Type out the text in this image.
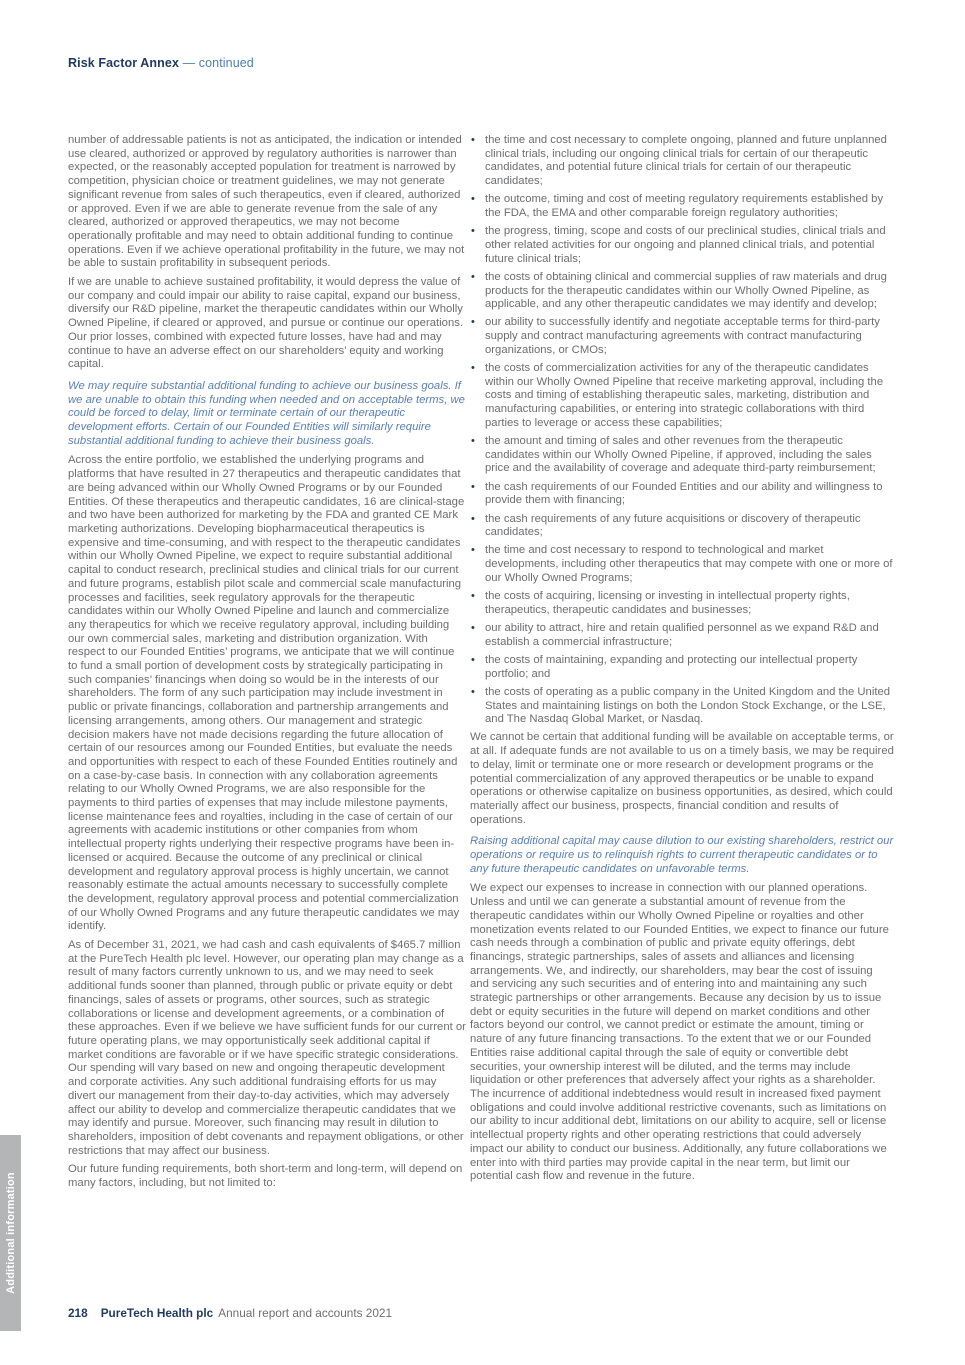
Risk Factor Annex — continued

number of addressable patients is not as anticipated, the indication or intended use cleared, authorized or approved by regulatory authorities is narrower than expected, or the reasonably accepted population for treatment is narrowed by competition, physician choice or treatment guidelines, we may not generate significant revenue from sales of such therapeutics, even if cleared, authorized or approved. Even if we are able to generate revenue from the sale of any cleared, authorized or approved therapeutics, we may not become operationally profitable and may need to obtain additional funding to continue operations. Even if we achieve operational profitability in the future, we may not be able to sustain profitability in subsequent periods.

If we are unable to achieve sustained profitability, it would depress the value of our company and could impair our ability to raise capital, expand our business, diversify our R&D pipeline, market the therapeutic candidates within our Wholly Owned Pipeline, if cleared or approved, and pursue or continue our operations. Our prior losses, combined with expected future losses, have had and may continue to have an adverse effect on our shareholders’ equity and working capital.

We may require substantial additional funding to achieve our business goals. If we are unable to obtain this funding when needed and on acceptable terms, we could be forced to delay, limit or terminate certain of our therapeutic development efforts. Certain of our Founded Entities will similarly require substantial additional funding to achieve their business goals.

Across the entire portfolio, we established the underlying programs and platforms that have resulted in 27 therapeutics and therapeutic candidates that are being advanced within our Wholly Owned Programs or by our Founded Entities. Of these therapeutics and therapeutic candidates, 16 are clinical-stage and two have been authorized for marketing by the FDA and granted CE Mark marketing authorizations. Developing biopharmaceutical therapeutics is expensive and time-consuming, and with respect to the therapeutic candidates within our Wholly Owned Pipeline, we expect to require substantial additional capital to conduct research, preclinical studies and clinical trials for our current and future programs, establish pilot scale and commercial scale manufacturing processes and facilities, seek regulatory approvals for the therapeutic candidates within our Wholly Owned Pipeline and launch and commercialize any therapeutics for which we receive regulatory approval, including building our own commercial sales, marketing and distribution organization. With respect to our Founded Entities’ programs, we anticipate that we will continue to fund a small portion of development costs by strategically participating in such companies’ financings when doing so would be in the interests of our shareholders. The form of any such participation may include investment in public or private financings, collaboration and partnership arrangements and licensing arrangements, among others. Our management and strategic decision makers have not made decisions regarding the future allocation of certain of our resources among our Founded Entities, but evaluate the needs and opportunities with respect to each of these Founded Entities routinely and on a case-by-case basis. In connection with any collaboration agreements relating to our Wholly Owned Programs, we are also responsible for the payments to third parties of expenses that may include milestone payments, license maintenance fees and royalties, including in the case of certain of our agreements with academic institutions or other companies from whom intellectual property rights underlying their respective programs have been in-licensed or acquired. Because the outcome of any preclinical or clinical development and regulatory approval process is highly uncertain, we cannot reasonably estimate the actual amounts necessary to successfully complete the development, regulatory approval process and potential commercialization of our Wholly Owned Programs and any future therapeutic candidates we may identify.

As of December 31, 2021, we had cash and cash equivalents of $465.7 million at the PureTech Health plc level. However, our operating plan may change as a result of many factors currently unknown to us, and we may need to seek additional funds sooner than planned, through public or private equity or debt financings, sales of assets or programs, other sources, such as strategic collaborations or license and development agreements, or a combination of these approaches. Even if we believe we have sufficient funds for our current or future operating plans, we may opportunistically seek additional capital if market conditions are favorable or if we have specific strategic considerations. Our spending will vary based on new and ongoing therapeutic development and corporate activities. Any such additional fundraising efforts for us may divert our management from their day-to-day activities, which may adversely affect our ability to develop and commercialize therapeutic candidates that we may identify and pursue. Moreover, such financing may result in dilution to shareholders, imposition of debt covenants and repayment obligations, or other restrictions that may affect our business.

Our future funding requirements, both short-term and long-term, will depend on many factors, including, but not limited to:

• the time and cost necessary to complete ongoing, planned and future unplanned clinical trials, including our ongoing clinical trials for certain of our therapeutic candidates, and potential future clinical trials for certain of our therapeutic candidates;
• the outcome, timing and cost of meeting regulatory requirements established by the FDA, the EMA and other comparable foreign regulatory authorities;
• the progress, timing, scope and costs of our preclinical studies, clinical trials and other related activities for our ongoing and planned clinical trials, and potential future clinical trials;
• the costs of obtaining clinical and commercial supplies of raw materials and drug products for the therapeutic candidates within our Wholly Owned Pipeline, as applicable, and any other therapeutic candidates we may identify and develop;
• our ability to successfully identify and negotiate acceptable terms for third-party supply and contract manufacturing agreements with contract manufacturing organizations, or CMOs;
• the costs of commercialization activities for any of the therapeutic candidates within our Wholly Owned Pipeline that receive marketing approval, including the costs and timing of establishing therapeutic sales, marketing, distribution and manufacturing capabilities, or entering into strategic collaborations with third parties to leverage or access these capabilities;
• the amount and timing of sales and other revenues from the therapeutic candidates within our Wholly Owned Pipeline, if approved, including the sales price and the availability of coverage and adequate third-party reimbursement;
• the cash requirements of our Founded Entities and our ability and willingness to provide them with financing;
• the cash requirements of any future acquisitions or discovery of therapeutic candidates;
• the time and cost necessary to respond to technological and market developments, including other therapeutics that may compete with one or more of our Wholly Owned Programs;
• the costs of acquiring, licensing or investing in intellectual property rights, therapeutics, therapeutic candidates and businesses;
• our ability to attract, hire and retain qualified personnel as we expand R&D and establish a commercial infrastructure;
• the costs of maintaining, expanding and protecting our intellectual property portfolio; and
• the costs of operating as a public company in the United Kingdom and the United States and maintaining listings on both the London Stock Exchange, or the LSE, and The Nasdaq Global Market, or Nasdaq.

We cannot be certain that additional funding will be available on acceptable terms, or at all. If adequate funds are not available to us on a timely basis, we may be required to delay, limit or terminate one or more research or development programs or the potential commercialization of any approved therapeutics or be unable to expand operations or otherwise capitalize on business opportunities, as desired, which could materially affect our business, prospects, financial condition and results of operations.

Raising additional capital may cause dilution to our existing shareholders, restrict our operations or require us to relinquish rights to current therapeutic candidates or to any future therapeutic candidates on unfavorable terms.

We expect our expenses to increase in connection with our planned operations. Unless and until we can generate a substantial amount of revenue from the therapeutic candidates within our Wholly Owned Pipeline or royalties and other monetization events related to our Founded Entities, we expect to finance our future cash needs through a combination of public and private equity offerings, debt financings, strategic partnerships, sales of assets and alliances and licensing arrangements. We, and indirectly, our shareholders, may bear the cost of issuing and servicing any such securities and of entering into and maintaining any such strategic partnerships or other arrangements. Because any decision by us to issue debt or equity securities in the future will depend on market conditions and other factors beyond our control, we cannot predict or estimate the amount, timing or nature of any future financing transactions. To the extent that we or our Founded Entities raise additional capital through the sale of equity or convertible debt securities, your ownership interest will be diluted, and the terms may include liquidation or other preferences that adversely affect your rights as a shareholder. The incurrence of additional indebtedness would result in increased fixed payment obligations and could involve additional restrictive covenants, such as limitations on our ability to incur additional debt, limitations on our ability to acquire, sell or license intellectual property rights and other operating restrictions that could adversely impact our ability to conduct our business. Additionally, any future collaborations we enter into with third parties may provide capital in the near term, but limit our potential cash flow and revenue in the future.

Additional information
218 PureTech Health plc Annual report and accounts 2021
